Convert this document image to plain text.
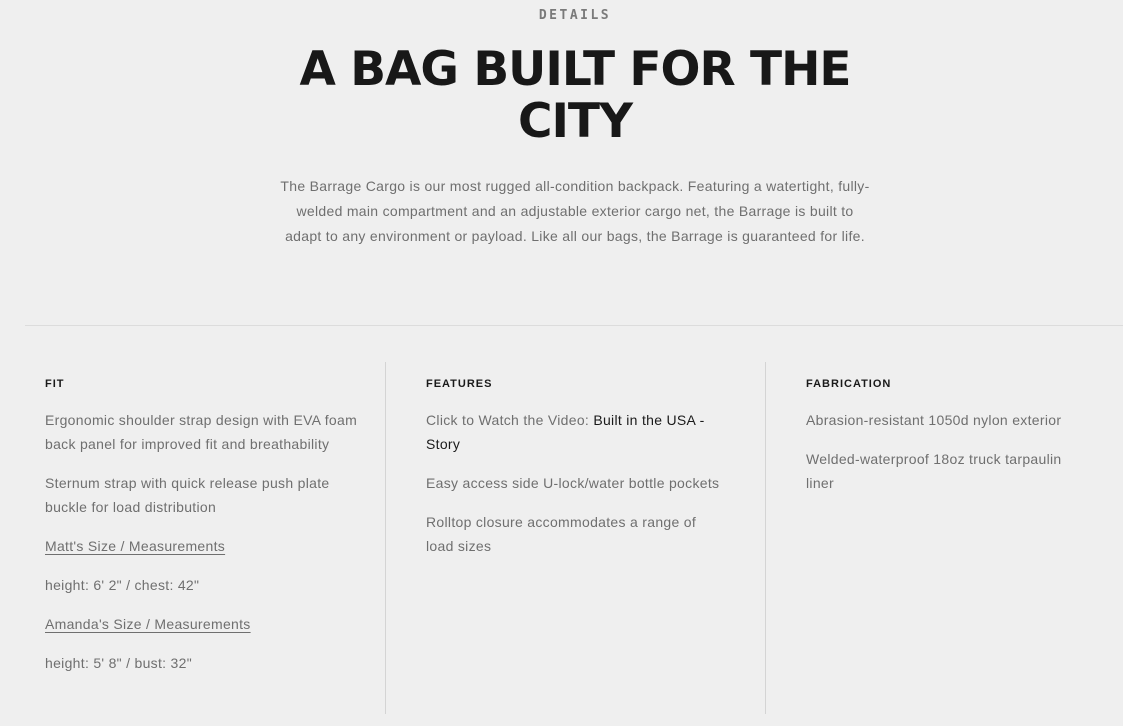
DETAILS
A BAG BUILT FOR THE CITY

The Barrage Cargo is our most rugged all-condition backpack. Featuring a watertight, fully-welded main compartment and an adjustable exterior cargo net, the Barrage is built to adapt to any environment or payload. Like all our bags, the Barrage is guaranteed for life.

FIT

Ergonomic shoulder strap design with EVA foam back panel for improved fit and breathability

Sternum strap with quick release push plate buckle for load distribution

Matt's Size / Measurements

height: 6' 2" / chest: 42"

Amanda's Size / Measurements

height: 5' 8" / bust: 32"

FEATURES

Click to Watch the Video: Built in the USA - Story

Easy access side U-lock/water bottle pockets

Rolltop closure accommodates a range of load sizes

FABRICATION

Abrasion-resistant 1050d nylon exterior

Welded-waterproof 18oz truck tarpaulin liner
